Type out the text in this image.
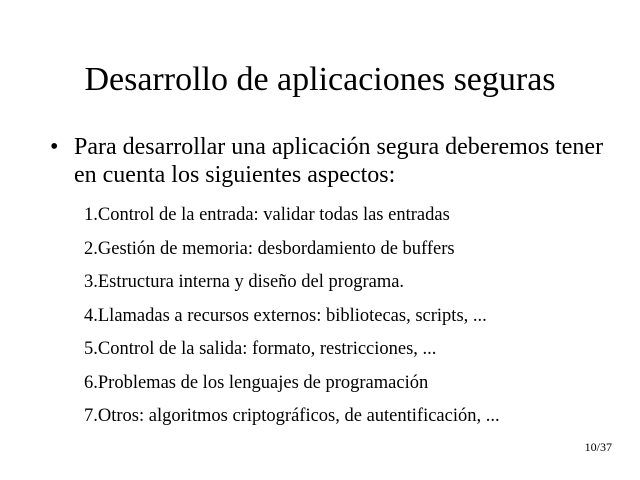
Desarrollo de aplicaciones seguras
• Para desarrollar una aplicación segura deberemos tener en cuenta los siguientes aspectos:
1.Control de la entrada: validar todas las entradas
2.Gestión de memoria: desbordamiento de buffers
3.Estructura interna y diseño del programa.
4.Llamadas a recursos externos: bibliotecas, scripts, ...
5.Control de la salida: formato, restricciones, ...
6.Problemas de los lenguajes de programación
7.Otros: algoritmos criptográficos, de autentificación, ...
10/37
